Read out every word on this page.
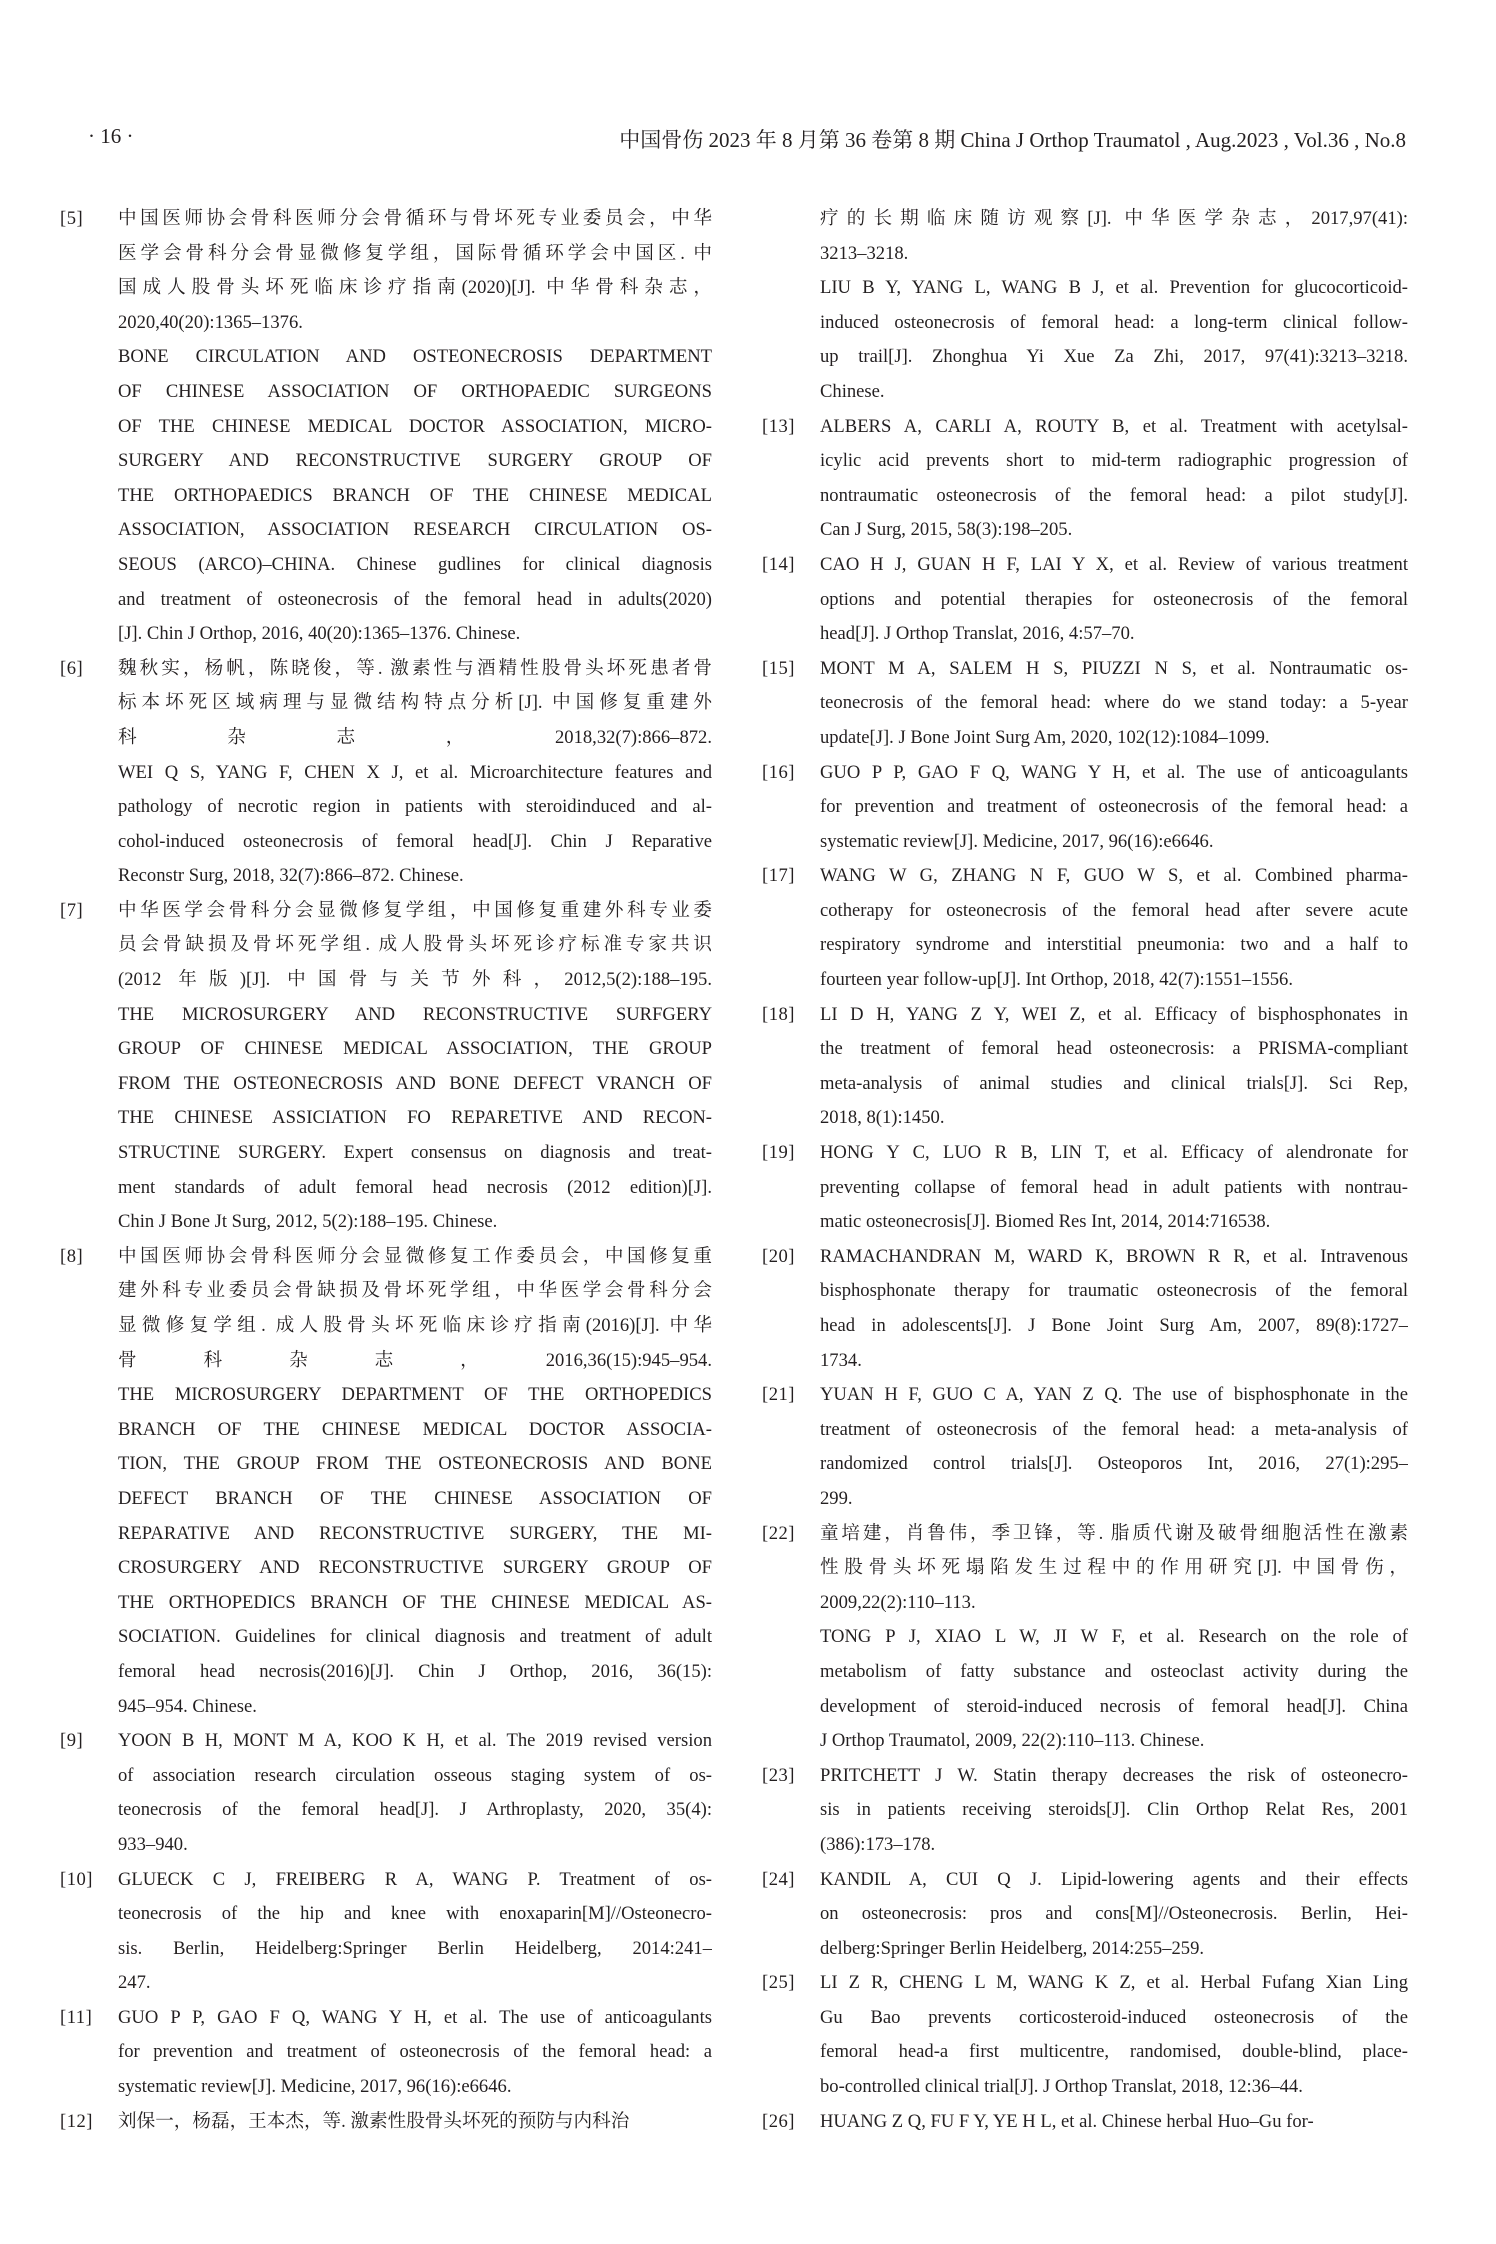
· 16 ·	中国骨伤 2023 年 8 月第 36 卷第 8 期 China J Orthop Traumatol , Aug.2023 , Vol.36 , No.8
[5] 中国医师协会骨科医师分会骨循环与骨坏死专业委员会，中华
医学会骨科分会骨显微修复学组，国际骨循环学会中国区. 中
国成人股骨头坏死临床诊疗指南(2020)[J]. 中华骨科杂志，
2020,40(20):1365–1376.
BONE CIRCULATION AND OSTEONECROSIS DEPARTMENT
OF CHINESE ASSOCIATION OF ORTHOPAEDIC SURGEONS
OF THE CHINESE MEDICAL DOCTOR ASSOCIATION, MICRO-
SURGERY AND RECONSTRUCTIVE SURGERY GROUP OF
THE ORTHOPAEDICS BRANCH OF THE CHINESE MEDICAL
ASSOCIATION, ASSOCIATION RESEARCH CIRCULATION OS-
SEOUS (ARCO)–CHINA. Chinese gudlines for clinical diagnosis
and treatment of osteonecrosis of the femoral head in adults(2020)
[J]. Chin J Orthop, 2016, 40(20):1365–1376. Chinese.
[6] 魏秋实，杨帆，陈晓俊，等. 激素性与酒精性股骨头坏死患者骨
标本坏死区域病理与显微结构特点分析[J]. 中国修复重建外
科杂志，2018,32(7):866–872.
WEI Q S, YANG F, CHEN X J, et al. Microarchitecture features and
pathology of necrotic region in patients with steroidinduced and al-
cohol-induced osteonecrosis of femoral head[J]. Chin J Reparative
Reconstr Surg, 2018, 32(7):866–872. Chinese.
[7] 中华医学会骨科分会显微修复学组，中国修复重建外科专业委
员会骨缺损及骨坏死学组. 成人股骨头坏死诊疗标准专家共识
(2012 年版)[J]. 中国骨与关节外科，2012,5(2):188–195.
THE MICROSURGERY AND RECONSTRUCTIVE SURFGERY
GROUP OF CHINESE MEDICAL ASSOCIATION, THE GROUP
FROM THE OSTEONECROSIS AND BONE DEFECT VRANCH OF
THE CHINESE ASSICIATION FO REPARETIVE AND RECON-
STRUCTINE SURGERY. Expert consensus on diagnosis and treat-
ment standards of adult femoral head necrosis (2012 edition)[J].
Chin J Bone Jt Surg, 2012, 5(2):188–195. Chinese.
[8] 中国医师协会骨科医师分会显微修复工作委员会，中国修复重
建外科专业委员会骨缺损及骨坏死学组，中华医学会骨科分会
显微修复学组. 成人股骨头坏死临床诊疗指南(2016)[J]. 中华
骨科杂志，2016,36(15):945–954.
THE MICROSURGERY DEPARTMENT OF THE ORTHOPEDICS
BRANCH OF THE CHINESE MEDICAL DOCTOR ASSOCIA-
TION, THE GROUP FROM THE OSTEONECROSIS AND BONE
DEFECT BRANCH OF THE CHINESE ASSOCIATION OF
REPARATIVE AND RECONSTRUCTIVE SURGERY, THE MI-
CROSURGERY AND RECONSTRUCTIVE SURGERY GROUP OF
THE ORTHOPEDICS BRANCH OF THE CHINESE MEDICAL AS-
SOCIATION. Guidelines for clinical diagnosis and treatment of adult
femoral head necrosis(2016)[J]. Chin J Orthop, 2016, 36(15):
945–954. Chinese.
[9] YOON B H, MONT M A, KOO K H, et al. The 2019 revised version
of association research circulation osseous staging system of os-
teonecrosis of the femoral head[J]. J Arthroplasty, 2020, 35(4):
933–940.
[10] GLUECK C J, FREIBERG R A, WANG P. Treatment of os-
teonecrosis of the hip and knee with enoxaparin[M]//Osteonecro-
sis. Berlin, Heidelberg:Springer Berlin Heidelberg, 2014:241–
247.
[11] GUO P P, GAO F Q, WANG Y H, et al. The use of anticoagulants
for prevention and treatment of osteonecrosis of the femoral head: a
systematic review[J]. Medicine, 2017, 96(16):e6646.
[12] 刘保一，杨磊，王本杰，等. 激素性股骨头坏死的预防与内科治
疗的长期临床随访观察[J]. 中华医学杂志，2017,97(41):
3213–3218.
LIU B Y, YANG L, WANG B J, et al. Prevention for glucocorticoid-
induced osteonecrosis of femoral head: a long-term clinical follow-
up trail[J]. Zhonghua Yi Xue Za Zhi, 2017, 97(41):3213–3218.
Chinese.
[13] ALBERS A, CARLI A, ROUTY B, et al. Treatment with acetylsal-
icylic acid prevents short to mid-term radiographic progression of
nontraumatic osteonecrosis of the femoral head: a pilot study[J].
Can J Surg, 2015, 58(3):198–205.
[14] CAO H J, GUAN H F, LAI Y X, et al. Review of various treatment
options and potential therapies for osteonecrosis of the femoral
head[J]. J Orthop Translat, 2016, 4:57–70.
[15] MONT M A, SALEM H S, PIUZZI N S, et al. Nontraumatic os-
teonecrosis of the femoral head: where do we stand today: a 5-year
update[J]. J Bone Joint Surg Am, 2020, 102(12):1084–1099.
[16] GUO P P, GAO F Q, WANG Y H, et al. The use of anticoagulants
for prevention and treatment of osteonecrosis of the femoral head: a
systematic review[J]. Medicine, 2017, 96(16):e6646.
[17] WANG W G, ZHANG N F, GUO W S, et al. Combined pharma-
cotherapy for osteonecrosis of the femoral head after severe acute
respiratory syndrome and interstitial pneumonia: two and a half to
fourteen year follow-up[J]. Int Orthop, 2018, 42(7):1551–1556.
[18] LI D H, YANG Z Y, WEI Z, et al. Efficacy of bisphosphonates in
the treatment of femoral head osteonecrosis: a PRISMA-compliant
meta-analysis of animal studies and clinical trials[J]. Sci Rep,
2018, 8(1):1450.
[19] HONG Y C, LUO R B, LIN T, et al. Efficacy of alendronate for
preventing collapse of femoral head in adult patients with nontrau-
matic osteonecrosis[J]. Biomed Res Int, 2014, 2014:716538.
[20] RAMACHANDRAN M, WARD K, BROWN R R, et al. Intravenous
bisphosphonate therapy for traumatic osteonecrosis of the femoral
head in adolescents[J]. J Bone Joint Surg Am, 2007, 89(8):1727–
1734.
[21] YUAN H F, GUO C A, YAN Z Q. The use of bisphosphonate in the
treatment of osteonecrosis of the femoral head: a meta-analysis of
randomized control trials[J]. Osteoporos Int, 2016, 27(1):295–
299.
[22] 童培建，肖鲁伟，季卫锋，等. 脂质代谢及破骨细胞活性在激素
性股骨头坏死塌陷发生过程中的作用研究[J]. 中国骨伤，
2009,22(2):110–113.
TONG P J, XIAO L W, JI W F, et al. Research on the role of
metabolism of fatty substance and osteoclast activity during the
development of steroid-induced necrosis of femoral head[J]. China
J Orthop Traumatol, 2009, 22(2):110–113. Chinese.
[23] PRITCHETT J W. Statin therapy decreases the risk of osteonecro-
sis in patients receiving steroids[J]. Clin Orthop Relat Res, 2001
(386):173–178.
[24] KANDIL A, CUI Q J. Lipid-lowering agents and their effects
on osteonecrosis: pros and cons[M]//Osteonecrosis. Berlin, Hei-
delberg:Springer Berlin Heidelberg, 2014:255–259.
[25] LI Z R, CHENG L M, WANG K Z, et al. Herbal Fufang Xian Ling
Gu Bao prevents corticosteroid-induced osteonecrosis of the
femoral head-a first multicentre, randomised, double-blind, place-
bo-controlled clinical trial[J]. J Orthop Translat, 2018, 12:36–44.
[26] HUANG Z Q, FU F Y, YE H L, et al. Chinese herbal Huo–Gu for-
